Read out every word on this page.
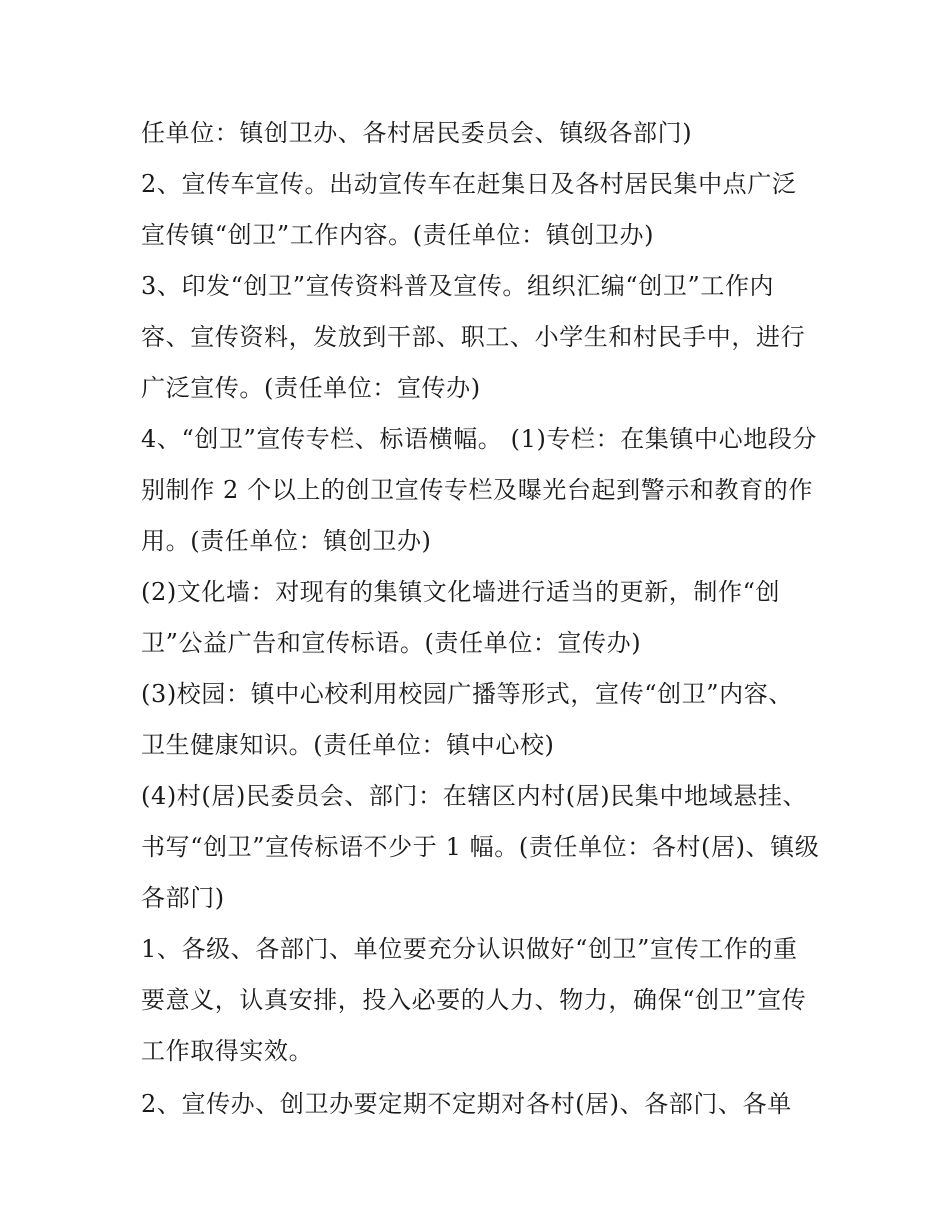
任单位：镇创卫办、各村居民委员会、镇级各部门)
2、宣传车宣传。出动宣传车在赶集日及各村居民集中点广泛
宣传镇“创卫”工作内容。(责任单位：镇创卫办)
3、印发“创卫”宣传资料普及宣传。组织汇编“创卫”工作内
容、宣传资料，发放到干部、职工、小学生和村民手中，进行
广泛宣传。(责任单位：宣传办)
4、“创卫”宣传专栏、标语横幅。 (1)专栏：在集镇中心地段分
别制作 2 个以上的创卫宣传专栏及曝光台起到警示和教育的作
用。(责任单位：镇创卫办)
(2)文化墙：对现有的集镇文化墙进行适当的更新，制作“创
卫”公益广告和宣传标语。(责任单位：宣传办)
(3)校园：镇中心校利用校园广播等形式，宣传“创卫”内容、
卫生健康知识。(责任单位：镇中心校)
(4)村(居)民委员会、部门：在辖区内村(居)民集中地域悬挂、
书写“创卫”宣传标语不少于 1 幅。(责任单位：各村(居)、镇级
各部门)
1、各级、各部门、单位要充分认识做好“创卫”宣传工作的重
要意义，认真安排，投入必要的人力、物力，确保“创卫”宣传
工作取得实效。
2、宣传办、创卫办要定期不定期对各村(居)、各部门、各单
